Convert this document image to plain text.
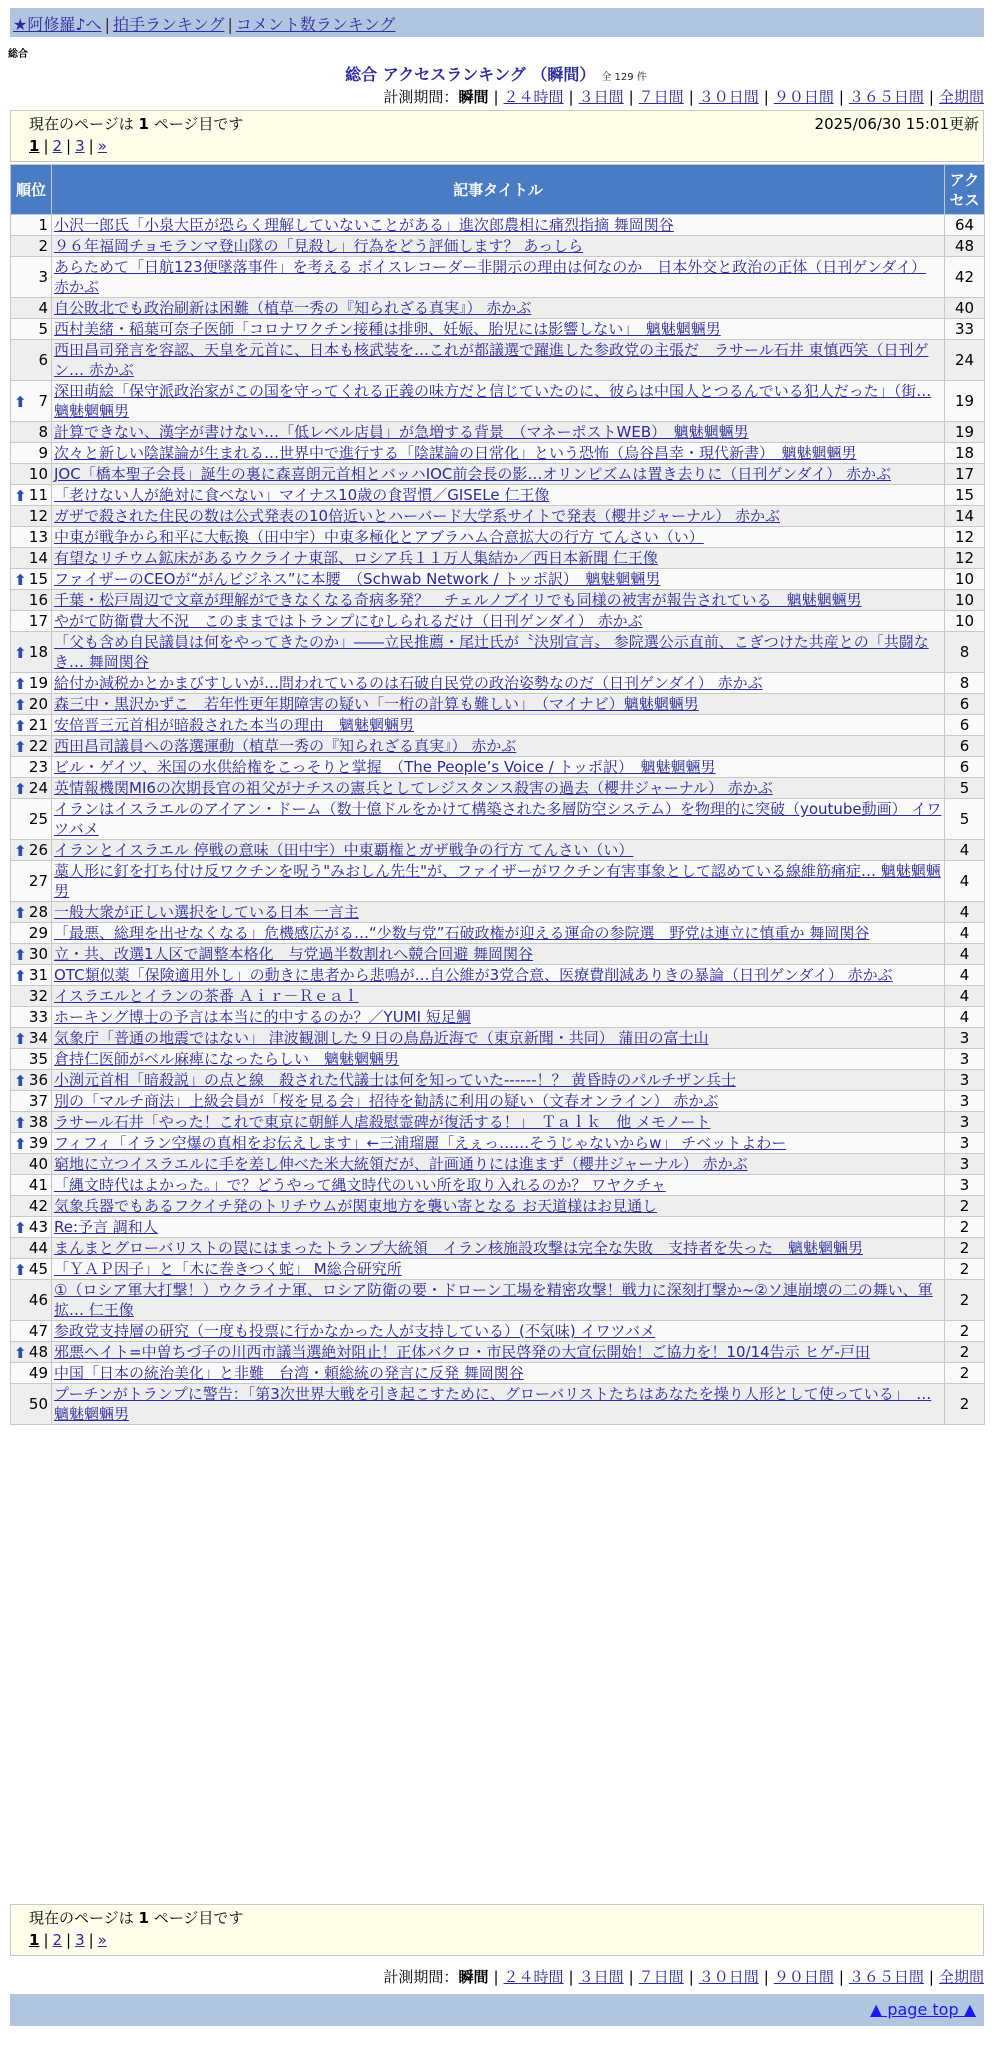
★阿修羅♪へ | 拍手ランキング | コメント数ランキング
総合
総合 アクセスランキング （瞬間） 全 129 件
計測期間：瞬間 | ２４時間 | ３日間 | ７日間 | ３０日間 | ９０日間 | ３６５日間 | 全期間
現在のページは 1 ページ目です	2025/06/30 15:01更新
1 | 2 | 3 | »
順位	記事タイトル	アクセス
1	小沢一郎氏「小泉大臣が恐らく理解していないことがある」進次郎農相に痛烈指摘 舞岡関谷	64
2	９６年福岡チョモランマ登山隊の「見殺し」行為をどう評価します？ あっしら	48
3	あらためて「日航123便墜落事件」を考える ボイスレコーダー非開示の理由は何なのか　日本外交と政治の正体（日刊ゲンダイ） 赤かぶ	42
4	自公敗北でも政治刷新は困難（植草一秀の『知られざる真実』） 赤かぶ	40
5	西村美緒・稲葉可奈子医師「コロナワクチン接種は排卵、妊娠、胎児には影響しない」　魑魅魍魎男	33
6	西田昌司発言を容認、天皇を元首に、日本も核武装を…これが都議選で躍進した参政党の主張だ　ラサール石井 東慎西笑（日刊ゲン… 赤かぶ	24

⬆ 7	深田萌絵「保守派政治家がこの国を守ってくれる正義の味方だと信じていたのに、彼らは中国人とつるんでいる犯人だった」（街… 魑魅魍魎男	19
8	計算できない、漢字が書けない…「低レベル店員」が急増する背景　（マネーポストWEB）　魑魅魍魎男	19
9	次々と新しい陰謀論が生まれる…世界中で進行する「陰謀論の日常化」という恐怖（烏谷昌幸・現代新書）　魑魅魍魎男	18
10	JOC「橋本聖子会長」誕生の裏に森喜朗元首相とバッハIOC前会長の影…オリンピズムは置き去りに（日刊ゲンダイ） 赤かぶ	17

⬆ 11	「老けない人が絶対に食べない」マイナス10歳の食習慣／GISELe 仁王像	15
12	ガザで殺された住民の数は公式発表の10倍近いとハーバード大学系サイトで発表（櫻井ジャーナル） 赤かぶ	14
13	中東が戦争から和平に大転換（田中宇）中東多極化とアブラハム合意拡大の行方 てんさい（い）	12
14	有望なリチウム鉱床があるウクライナ東部、ロシア兵１１万人集結か／西日本新聞 仁王像	12

⬆ 15	ファイザーのCEOが“がんビジネス”に本腰　（Schwab Network / トッポ訳）　魑魅魍魎男	10
16	千葉・松戸周辺で文章が理解ができなくなる奇病多発？　チェルノブイリでも同様の被害が報告されている　魑魅魍魎男	10
17	やがて防衛費大不況　このままではトランプにむしられるだけ（日刊ゲンダイ） 赤かぶ	10

⬆ 18	「父も含め自民議員は何をやってきたのか」――立民推薦・尾辻氏が〝決別宣言〟 参院選公示直前、こぎつけた共産との「共闘なき… 舞岡関谷	8

⬆ 19	給付か減税かとかまびすしいが…問われているのは石破自民党の政治姿勢なのだ（日刊ゲンダイ） 赤かぶ	8

⬆ 20	森三中・黒沢かずこ　若年性更年期障害の疑い「一桁の計算も難しい」　（マイナビ）魑魅魍魎男	6

⬆ 21	安倍晋三元首相が暗殺された本当の理由　魑魅魍魎男	6

⬆ 22	西田昌司議員への落選運動（植草一秀の『知られざる真実』） 赤かぶ	6
23	ビル・ゲイツ、米国の水供給権をこっそりと掌握　（The People’s Voice / トッポ訳）　魑魅魍魎男	6

⬆ 24	英情報機関MI6の次期長官の祖父がナチスの憲兵としてレジスタンス殺害の過去（櫻井ジャーナル） 赤かぶ	5
25	イランはイスラエルのアイアン・ドーム（数十億ドルをかけて構築された多層防空システム）を物理的に突破（youtube動画） イワツバメ	5

⬆ 26	イランとイスラエル 停戦の意味（田中宇）中東覇権とガザ戦争の行方 てんさい（い）	4
27	藁人形に釘を打ち付け反ワクチンを呪う"みおしん先生"が、ファイザーがワクチン有害事象として認めている線維筋痛症… 魑魅魍魎男	4

⬆ 28	一般大衆が正しい選択をしている日本 一言主	4
29	「最悪、総理を出せなくなる」危機感広がる…“少数与党”石破政権が迎える運命の参院選　野党は連立に慎重か 舞岡関谷	4

⬆ 30	立・共、改選1人区で調整本格化　与党過半数割れへ競合回避 舞岡関谷	4

⬆ 31	OTC類似薬「保険適用外し」の動きに患者から悲鳴が…自公維が3党合意、医療費削減ありきの暴論（日刊ゲンダイ） 赤かぶ	4
32	イスラエルとイランの茶番 Ａｉｒ－Ｒｅａｌ	4
33	ホーキング博士の予言は本当に的中するのか？／YUMI 短足鯛	4

⬆ 34	気象庁「普通の地震ではない」 津波観測した９日の鳥島近海で（東京新聞・共同） 蒲田の富士山	3
35	倉持仁医師がベル麻痺になったらしい　魑魅魍魎男	3

⬆ 36	小渕元首相「暗殺説」の点と線　殺された代議士は何を知っていた------！？ 黄昏時のパルチザン兵士	3
37	別の「マルチ商法」上級会員が「桜を見る会」招待を勧誘に利用の疑い（文春オンライン） 赤かぶ	3

⬆ 38	ラサール石井「やった！これで東京に朝鮮人虐殺慰霊碑が復活する！」　Ｔａｌｋ　他 メモノート	3

⬆ 39	フィフィ「イラン空爆の真相をお伝えします」←三浦瑠麗「えぇっ……そうじゃないからw」 チベットよわー	3
40	窮地に立つイスラエルに手を差し伸べた米大統領だが、計画通りには進まず（櫻井ジャーナル） 赤かぶ	3
41	「縄文時代はよかった。」で？どうやって縄文時代のいい所を取り入れるのか？ ワヤクチャ	3
42	気象兵器でもあるフクイチ発のトリチウムが関東地方を襲い寄となる お天道様はお見通し	2

⬆ 43	Re:予言 調和人	2
44	まんまとグローバリストの罠にはまったトランプ大統領　イラン核施設攻撃は完全な失敗　支持者を失った　魑魅魍魎男	2

⬆ 45	「ＹＡＰ因子」と「木に巻きつく蛇」 M総合研究所	2
46	①（ロシア軍大打撃！）ウクライナ軍、ロシア防衛の要・ドローン工場を精密攻撃！戦力に深刻打撃か~②ソ連崩壊の二の舞い、軍拡… 仁王像	2
47	参政党支持層の研究（一度も投票に行かなかった人が支持している）(不気味) イワツバメ	2

⬆ 48	邪悪ヘイト=中曽ちづ子の川西市議当選絶対阻止！正体バクロ・市民啓発の大宣伝開始！ご協力を！10/14告示 ヒゲ-戸田	2
49	中国「日本の統治美化」と非難　台湾・頼総統の発言に反発 舞岡関谷	2
50	プーチンがトランプに警告：「第3次世界大戦を引き起こすために、グローバリストたちはあなたを操り人形として使っている」　… 魑魅魍魎男	2
現在のページは 1 ページ目です
1 | 2 | 3 | »
計測期間：瞬間 | ２４時間 | ３日間 | ７日間 | ３０日間 | ９０日間 | ３６５日間 | 全期間
▲ page top ▲
